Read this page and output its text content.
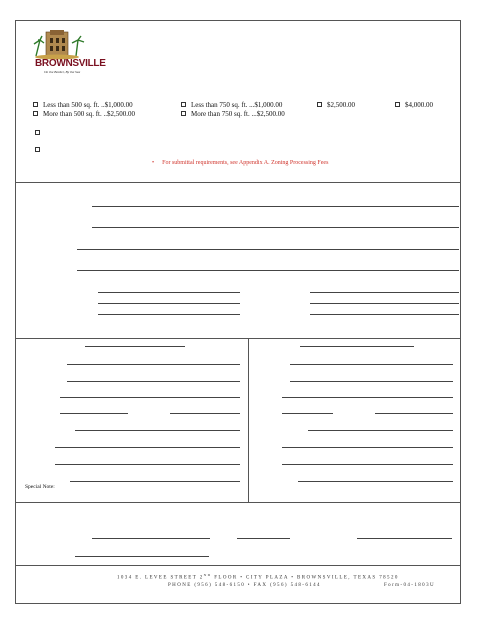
BROWNSVILLE
On the Border, By the Sea
Less than 500 sq. ft. ..$1,000.00
More than 500 sq. ft. ..$2,500.00
Less than 750 sq. ft. ...$1,000.00
More than 750 sq. ft. ...$2,500.00
$2,500.00	$4,000.00
• For submittal requirements, see Appendix A. Zoning Processing Fees
Special Note:
1034 E. LEVEE STREET 2ND FLOOR • CITY PLAZA • BROWNSVILLE, TEXAS 78520
PHONE (956) 548-6150 • FAX (956) 548-6144	Form-04-1803U
